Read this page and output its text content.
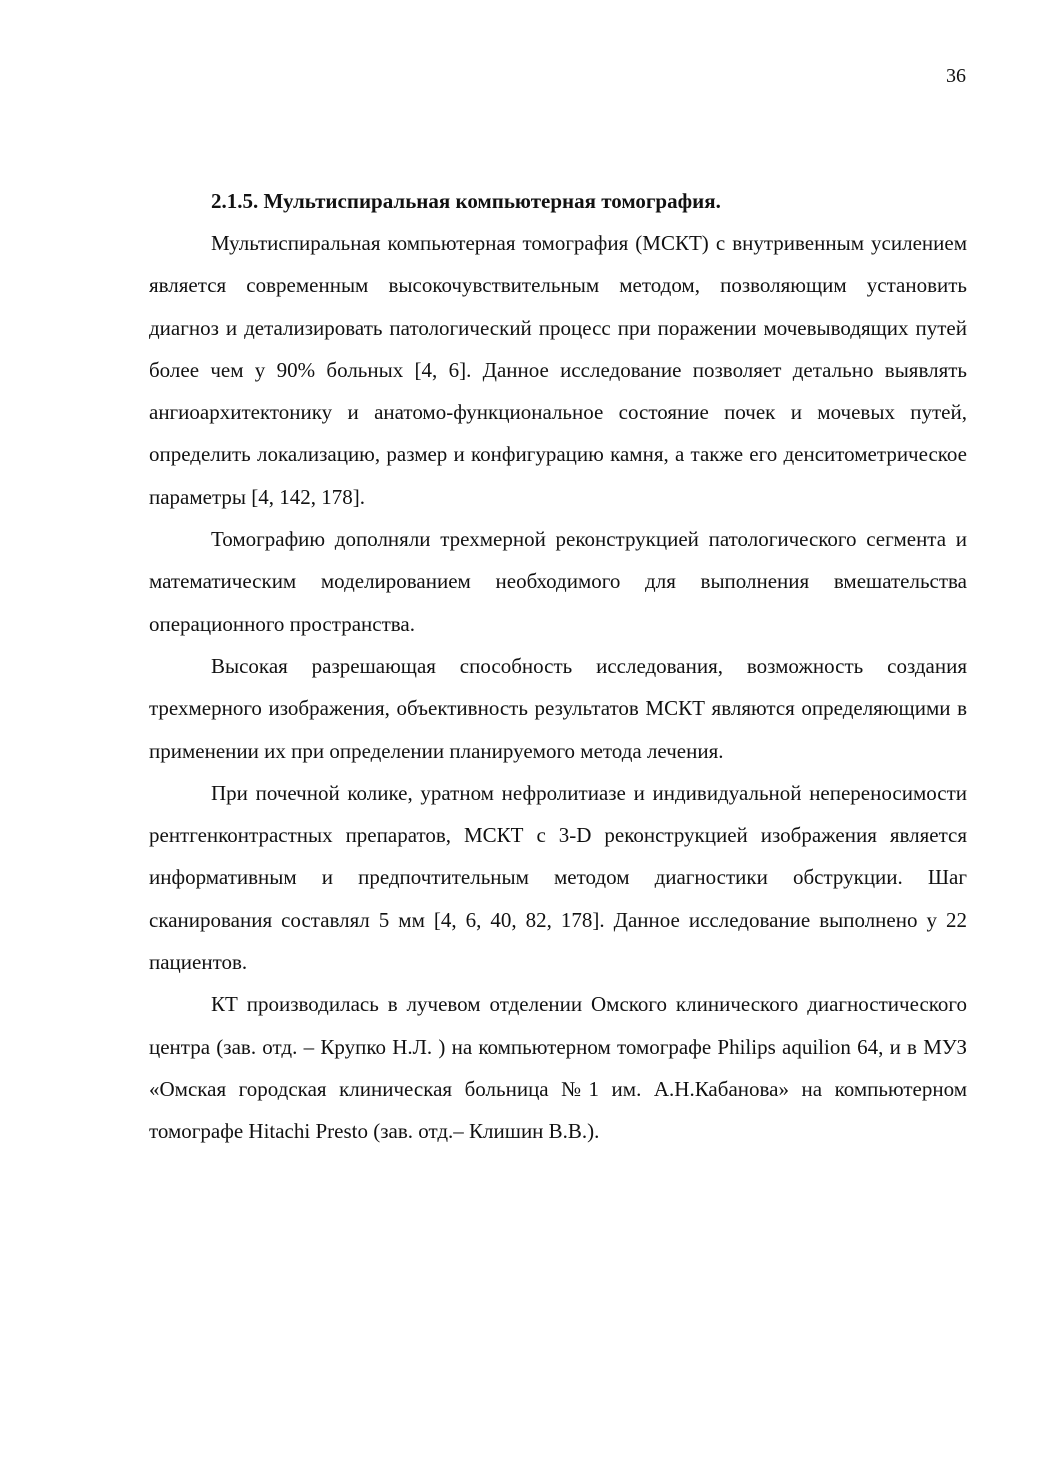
36

2.1.5. Мультиспиральная компьютерная томография.

Мультиспиральная компьютерная томография (МСКТ) с внутривенным усилением является современным высокочувствительным методом, позволяющим установить диагноз и детализировать патологический процесс при поражении мочевыводящих путей более чем у 90% больных [4, 6]. Данное исследование позволяет детально выявлять ангиоархитектонику и анатомо-функциональное состояние почек и мочевых путей, определить локализацию, размер и конфигурацию камня, а также его денситометрическое параметры [4, 142, 178].

Томографию дополняли трехмерной реконструкцией патологического сегмента и математическим моделированием необходимого для выполнения вмешательства операционного пространства.

Высокая разрешающая способность исследования, возможность создания трехмерного изображения, объективность результатов МСКТ являются определяющими в применении их при определении планируемого метода лечения.

При почечной колике, уратном нефролитиазе и индивидуальной непереносимости рентгенконтрастных препаратов, МСКТ с 3-D реконструкцией изображения является информативным и предпочтительным методом диагностики обструкции. Шаг сканирования составлял 5 мм [4, 6, 40, 82, 178]. Данное исследование выполнено у 22 пациентов.

КТ производилась в лучевом отделении Омского клинического диагностического центра (зав. отд. – Крупко Н.Л. ) на компьютерном томографе Philips aquilion 64, и в МУЗ «Омская городская клиническая больница №1 им. А.Н.Кабанова» на компьютерном томографе Hitachi Presto (зав. отд.– Клишин В.В.).
